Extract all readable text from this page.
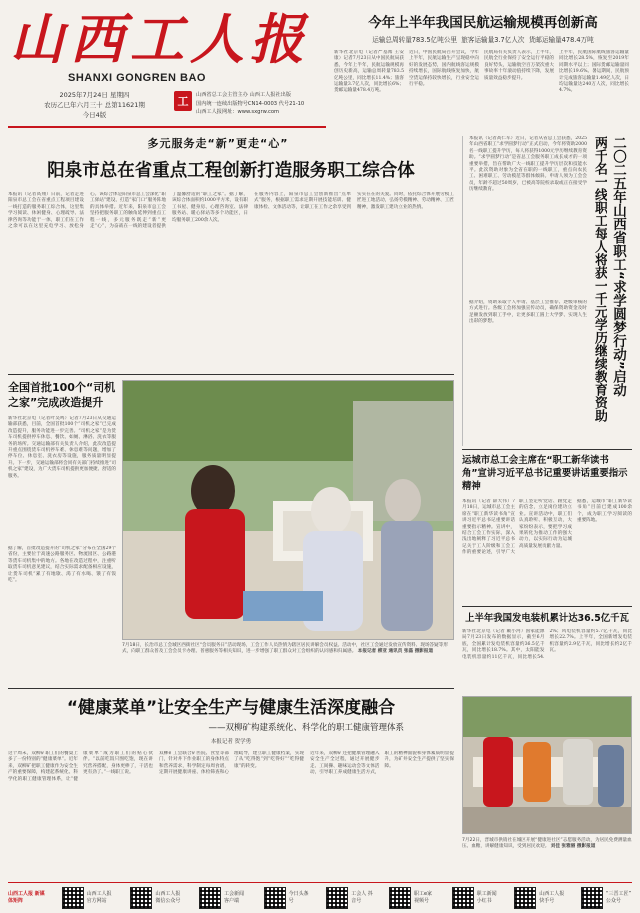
山西工人报
SHANXI GONGREN BAO
2025年7月24日 星期四
农历乙巳年六月三十 总第11621期
今日4版
工 山西省总工会主管主办 山西工人报社出版
国内统一连续出版物号CN14-0003 代号21-10
山西工人报网址：www.sxgrw.com
今年上半年我国民航运输规模再创新高
运输总周转量783.5亿吨公里 旅客运输量3.7亿人次 货邮运输量478.4万吨
新华社北京电（记者严基闻 王安康）记者7月23日从中国民航局获悉，今年上半年，民航运输规模再创历史新高，运输总周转量783.5亿吨公里，同比增长11.4%；旅客运输量3.7亿人次，同比增长6%；货邮运输量478.4万吨。
近日，中国民航局召开会议，今年上半年，民航运输生产呈现稳中向好的发展态势，国内航线客运规模持续增长，国际航线恢复加快，航空货运保持较快增长，行业安全运行平稳。
民航局有关负责人表示，上半年，民航全行业保持了安全运行平稳的良好势头，运输航空百万架次重大事故率十年滚动值持续下降，发展质量效益稳步提升。
上半年，民航国际航线旅客运输量同比增长28.5%，恢复至2019年同期水平以上；国际货邮运输量同比增长19.6%。暑运期间，民航预计完成旅客运输量1.49亿人次，日均运输量达240万人次，同比增长4.7%。
多元服务走“新”更走“心”
阳泉市总在省重点工程创新打造服务职工综合体
本报讯（记者高翔）日前，记者走进阳泉市总工会在省重点工程项目建设一线打造的服务职工综合体，这里集学习阅读、休闲健身、心理疏导、法律咨询等功能于一体，职工们在工作之余可以在这里充电学习、放松身心。该综合体是阳泉市总工会深化“职工驿站”建设、打造“家门口”服务阵地的具体举措。近年来，阳泉市总工会坚持把服务职工的触角延伸到重点工程一线，多元服务既走“新”更走“心”，为奋战在一线的建设者提供了温馨舒适的“职工之家”。据了解，该综合体面积约1000平方米，设有职工书屋、健身房、心理咨询室、法律服务站、暖心驿站等多个功能区，日均服务职工200余人次。
在服务内容上，阳泉市总工会创新推出“点单式”服务，根据职工需求定期开展技能培训、健康体检、文体活动等，让职工在工作之余享受到实实在在的关爱。同时，依托综合体开展劳模工匠进工地活动，弘扬劳模精神、劳动精神、工匠精神，激发职工建功立业的热情。
本报讯（记者高仁军）近日，记者从省总工会获悉，2025年山西省职工“求学圆梦行动”正式启动，今年将资助2000名一线职工提升学历，每人将获得1000元学历继续教育资助。“求学圆梦行动”是省总工会服务职工成长成才的一项重要举措，旨在帮助广大一线职工提升学历层次和技能水平。此次资助对象为全省在职的一线职工，重点向农民工、困难职工、劳动模范等群体倾斜。申请人须为工会会员，年龄不超过50周岁，已被高等院校录取或正在接受学历继续教育。
据介绍，资助采取个人申请、基层工会推荐、逐级审核的方式进行。各级工会将加强宣传动员，确保资助资金及时足额发放到职工手中，让更多职工圆上大学梦、实现人生出彩的梦想。	两千名一线职工每人将获一千元学历继续教育资助 二〇二五年山西省职工“求学圆梦行动”启动
全国首批100个“司机之家”完成改造提升
新华社北京电（记者叶昊鸣）记者7月23日从交通运输部获悉，目前，全国首批100个“司机之家”已完成改造提升，服务功能进一步完善。“司机之家”是为货车司机提供停车休息、餐饮、如厕、淋浴、洗衣等服务的场所。交通运输部有关负责人介绍，此次改造提升重点围绕货车司机停车难、休息难等问题，增加了停车位、休息室、洗衣房等设施，服务质量明显提升。下一步，交通运输部将会同有关部门持续推进“司机之家”建设，为广大货车司机提供更加便捷、舒适的服务。
据了解，首批改造提升的“司机之家”分布在全国29个省份，主要位于高速公路服务区、物流园区、公路港等货车司机集中的地方。各地在改造过程中，注重听取货车司机意见建议，结合实际需求配备相应设施，让货车司机“累了有地歇、渴了有水喝、饿了有饭吃”。
7月18日，长治市总工会城区西街社区“会员服务日”活动现场，工会工作人员热情为辖区居民讲解会员权益。活动中，社区工会通过发放宣传资料、现场答疑等形式，向职工群众普及工会会员卡办理、普惠服务等相关知识，进一步增强了职工群众对工会组织的认同感和归属感。 本报记者 柳亚 通讯员 张磊 摄影报道
运城市总工会主席在“职工新华读书角”宣讲习近平总书记重要讲话重要指示精神
本报讯（记者 薛大伟）7月18日，运城市总工会主席在“职工新华读书角”宣讲习近平总书记重要讲话重要指示精神。宣讲中，结合工会工作实际，深入浅出地阐释了习近平总书记关于工人阶级和工会工作的重要论述，引导广大职工坚定听党话、跟党走的信念，立足岗位建功立业。宣讲活动中，职工们认真聆听、积极互动，大家纷纷表示，要把学习成果转化为推动工作的强大动力，以实际行动为运城高质量发展贡献力量。
据悉，运城市“职工新华读书角”目前已建成100余个，成为职工学习阅读的重要阵地。
上半年我国发电装机累计达36.5亿千瓦
新华社北京电（记者 戴小河）国家能源局7月23日发布的数据显示，截至6月底，全国累计发电装机容量约36.5亿千瓦，同比增长18.7%。其中，太阳能发电装机容量约11亿千瓦，同比增长54.2%；风电装机容量约5.7亿千瓦，同比增长22.7%。上半年，全国新增发电装机容量约2.9亿千瓦，同比增长约2亿千瓦。
“健康菜单”让安全生产与健康生活深度融合
——双柳矿构建系统化、科学化的职工健康管理体系
本报记者 贺学勇
这个周末，双柳矿职工们的餐桌上多了一份特别的“健康菜单”。近年来，双柳矿把职工健康作为安全生产的重要保障，构建起系统化、科学化的职工健康管理体系，让“健康菜单”成为职工们的贴心伙伴。“以前吃饭只图吃饱，现在讲究营养搭配，身体更棒了，干活也更有劲了。”一线职工说。
双柳矿工会联合矿医院、食堂等部门，针对井下作业职工的身体特点和营养需求，科学制定每周食谱，定期开展健康讲座、体检筛查和心理疏导，建立职工健康档案，实现了从“吃得饱”到“吃得好”“吃得健康”的转变。
近年来，双柳矿还把健康管理融入安全生产全过程，通过开展健步走、工间操、趣味运动会等文体活动，引导职工养成健康生活方式，职工的精神面貌和身体素质明显提升，为矿井安全生产提供了坚实保障。
7月22日，晋城市供销社在城区开展“健康进社区”志愿服务活动，为居民免费测量血压、血糖，讲解健康知识，受到居民欢迎。 刘佳 张雅丽 摄影报道
山西工人报 新媒体矩阵
山西工人报 官方网站
山西工人报 微信公众号
工会新闻 客户端
今日头条 号
工会人 抖音号
职工e家 视频号
职工新闻 小红书
山西工人报 快手号
“三晋工匠” 公众号
